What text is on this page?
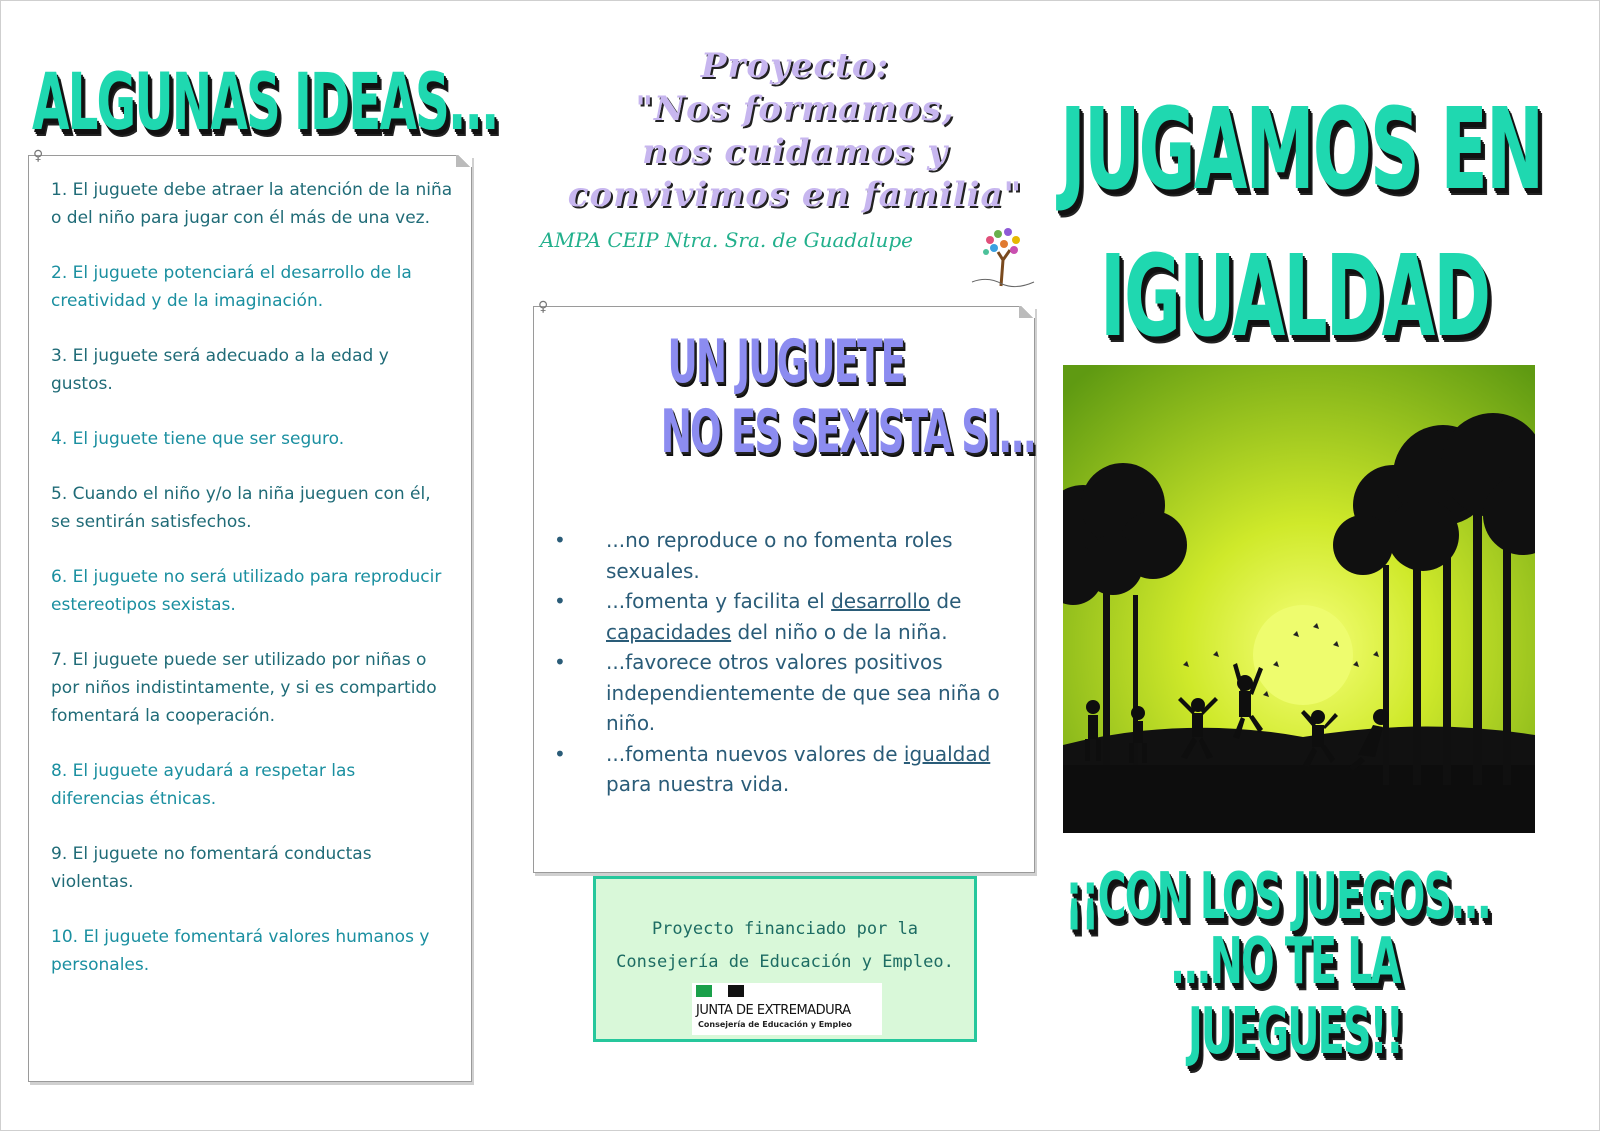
ALGUNAS IDEAS...
♀
1. El juguete debe atraer la atención de la niña o del niño para jugar con él más de una vez.
2. El juguete potenciará el desarrollo de la creatividad y de la imaginación.
3. El juguete será adecuado a la edad y gustos.
4. El juguete tiene que ser seguro.
5. Cuando el niño y/o la niña jueguen con él, se sentirán satisfechos.
6. El juguete no será utilizado para reproducir estereotipos sexistas.
7. El juguete puede ser utilizado por niñas o por niños indistintamente, y si es compartido fomentará la cooperación.
8. El juguete ayudará a respetar las diferencias étnicas.
9. El juguete no fomentará conductas violentas.
10. El juguete fomentará valores humanos y personales.
Proyecto:
"Nos formamos,
nos cuidamos y
convivimos en familia"
AMPA CEIP Ntra. Sra. de Guadalupe
♀
UN JUGUETE
NO ES SEXISTA SI...
• ...no reproduce o no fomenta roles sexuales.
• ...fomenta y facilita el desarrollo de capacidades del niño o de la niña.
• ...favorece otros valores positivos independientemente de que sea niña o niño.
• ...fomenta nuevos valores de igualdad para nuestra vida.
Proyecto financiado por la
Consejería de Educación y Empleo.
JUNTA DE EXTREMADURA
Consejería de Educación y Empleo
JUGAMOS EN
IGUALDAD
¡¡CON LOS JUEGOS...
...NO TE LA
JUEGUES!!
